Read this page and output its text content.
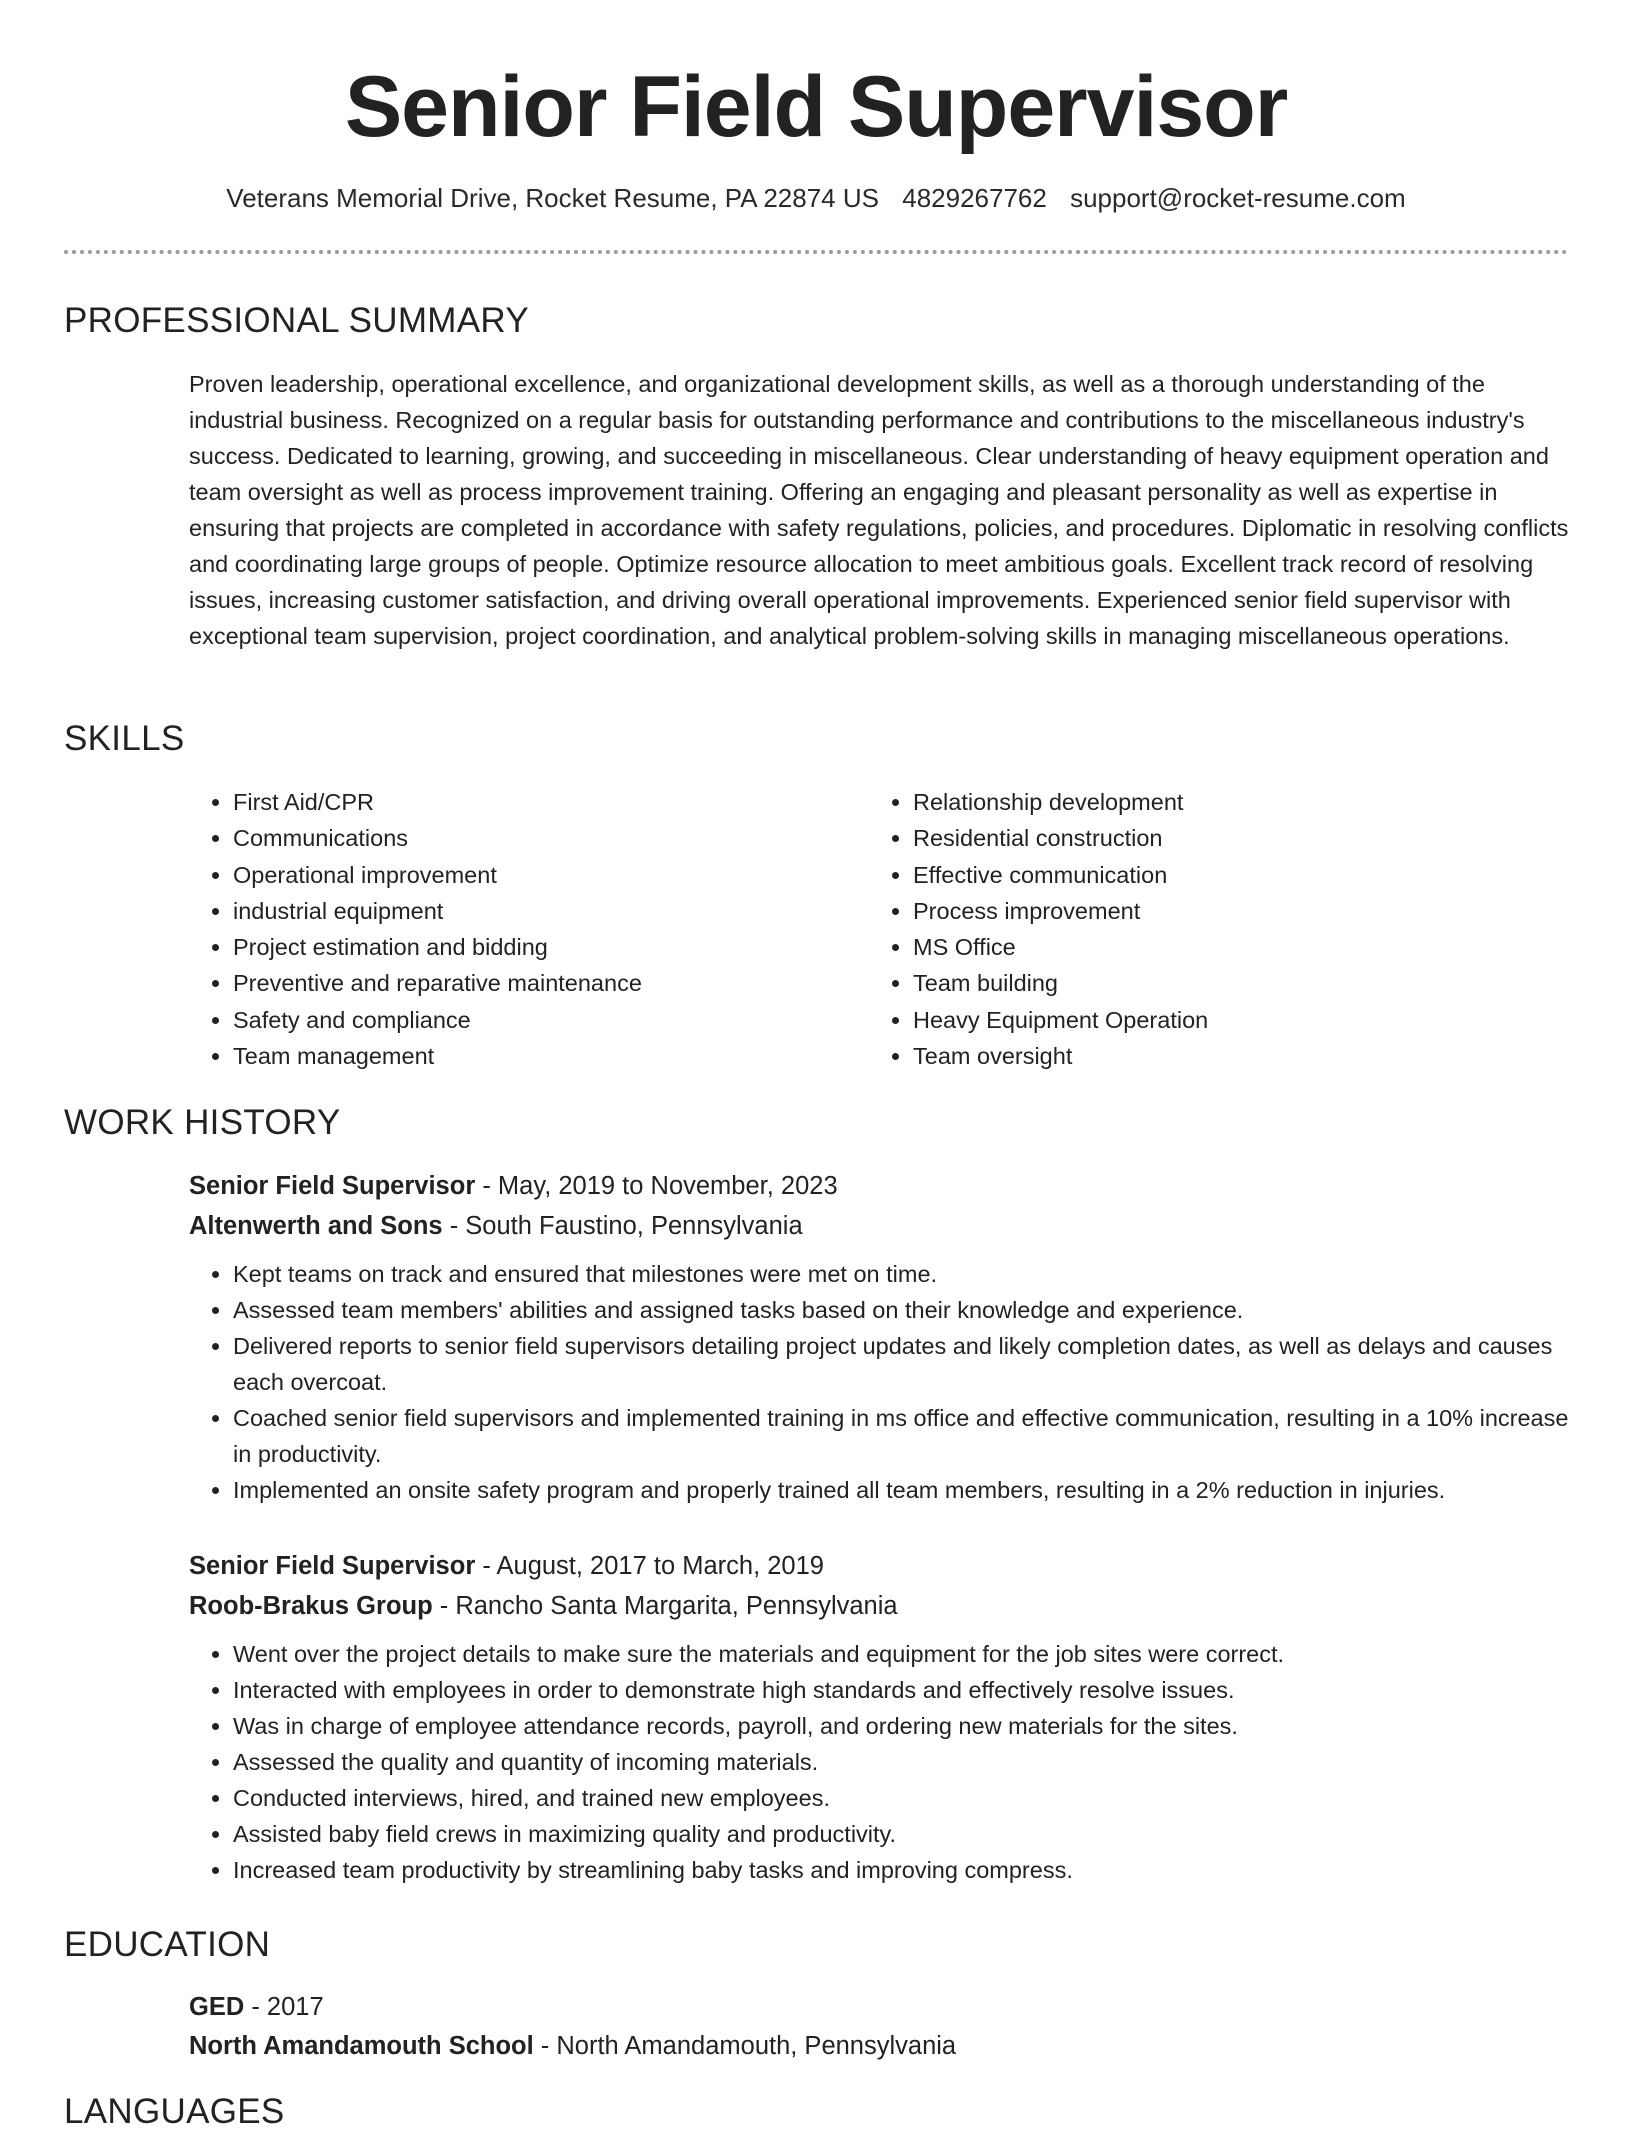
Senior Field Supervisor
Veterans Memorial Drive, Rocket Resume, PA 22874 US 4829267762 support@rocket-resume.com
PROFESSIONAL SUMMARY

Proven leadership, operational excellence, and organizational development skills, as well as a thorough understanding of the industrial business. Recognized on a regular basis for outstanding performance and contributions to the miscellaneous industry's success. Dedicated to learning, growing, and succeeding in miscellaneous. Clear understanding of heavy equipment operation and team oversight as well as process improvement training. Offering an engaging and pleasant personality as well as expertise in ensuring that projects are completed in accordance with safety regulations, policies, and procedures. Diplomatic in resolving conflicts and coordinating large groups of people. Optimize resource allocation to meet ambitious goals. Excellent track record of resolving issues, increasing customer satisfaction, and driving overall operational improvements. Experienced senior field supervisor with exceptional team supervision, project coordination, and analytical problem-solving skills in managing miscellaneous operations.

SKILLS
• First Aid/CPR
• Communications
• Operational improvement
• industrial equipment
• Project estimation and bidding
• Preventive and reparative maintenance
• Safety and compliance
• Team management
• Relationship development
• Residential construction
• Effective communication
• Process improvement
• MS Office
• Team building
• Heavy Equipment Operation
• Team oversight
WORK HISTORY
Senior Field Supervisor - May, 2019 to November, 2023
Altenwerth and Sons - South Faustino, Pennsylvania
• Kept teams on track and ensured that milestones were met on time.
• Assessed team members' abilities and assigned tasks based on their knowledge and experience.
• Delivered reports to senior field supervisors detailing project updates and likely completion dates, as well as delays and causes each overcoat.
• Coached senior field supervisors and implemented training in ms office and effective communication, resulting in a 10% increase in productivity.
• Implemented an onsite safety program and properly trained all team members, resulting in a 2% reduction in injuries.
Senior Field Supervisor - August, 2017 to March, 2019
Roob-Brakus Group - Rancho Santa Margarita, Pennsylvania
• Went over the project details to make sure the materials and equipment for the job sites were correct.
• Interacted with employees in order to demonstrate high standards and effectively resolve issues.
• Was in charge of employee attendance records, payroll, and ordering new materials for the sites.
• Assessed the quality and quantity of incoming materials.
• Conducted interviews, hired, and trained new employees.
• Assisted baby field crews in maximizing quality and productivity.
• Increased team productivity by streamlining baby tasks and improving compress.
EDUCATION
GED - 2017
North Amandamouth School - North Amandamouth, Pennsylvania
LANGUAGES
